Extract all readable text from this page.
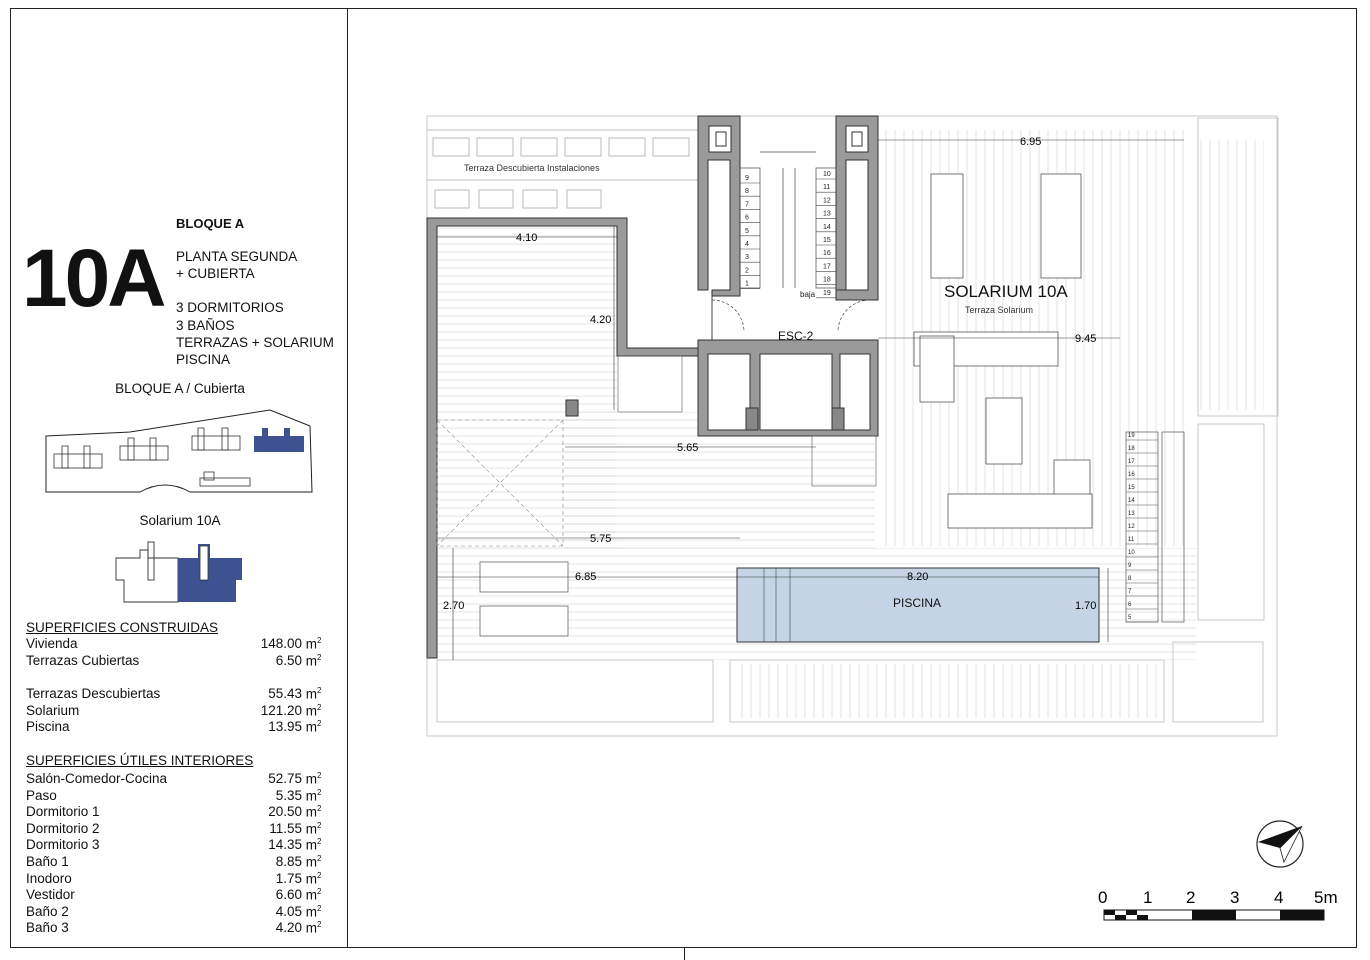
10A
BLOQUE A
PLANTA SEGUNDA
+ CUBIERTA
3 DORMITORIOS
3 BAÑOS
TERRAZAS + SOLARIUM
PISCINA
BLOQUE A / Cubierta
Solarium 10A
SUPERFICIES CONSTRUIDAS
Vivienda	148.00 $m^2$
Terrazas Cubiertas	6.50 $m^2$
Terrazas Descubiertas	55.43 $m^2$
Solarium	121.20 $m^2$
Piscina	13.95 $m^2$
SUPERFICIES ÚTILES INTERIORES
Salón-Comedor-Cocina	52.75 $m^2$
Paso	5.35 $m^2$
Dormitorio 1	20.50 $m^2$
Dormitorio 2	11.55 $m^2$
Dormitorio 3	14.35 $m^2$
Baño 1	8.85 $m^2$
Inodoro	1.75 $m^2$
Vestidor	6.60 $m^2$
Baño 2	4.05 $m^2$
Baño 3	4.20 $m^2$
Terraza Descubierta Instalaciones
9
8
7
6
5
4
3
2
1
10
11
12
13
14
15
16
17
18
19
baja
ESC-2
SOLARIUM 10A
Terraza Solarium
PISCINA
19
18
17
16
15
14
13
12
11
10
9
8
7
6
5
6.95
4.10
4.20
9.45
5.65
5.75
6.85
2.70
8.20
1.70
0 1 2 3 4 5m
